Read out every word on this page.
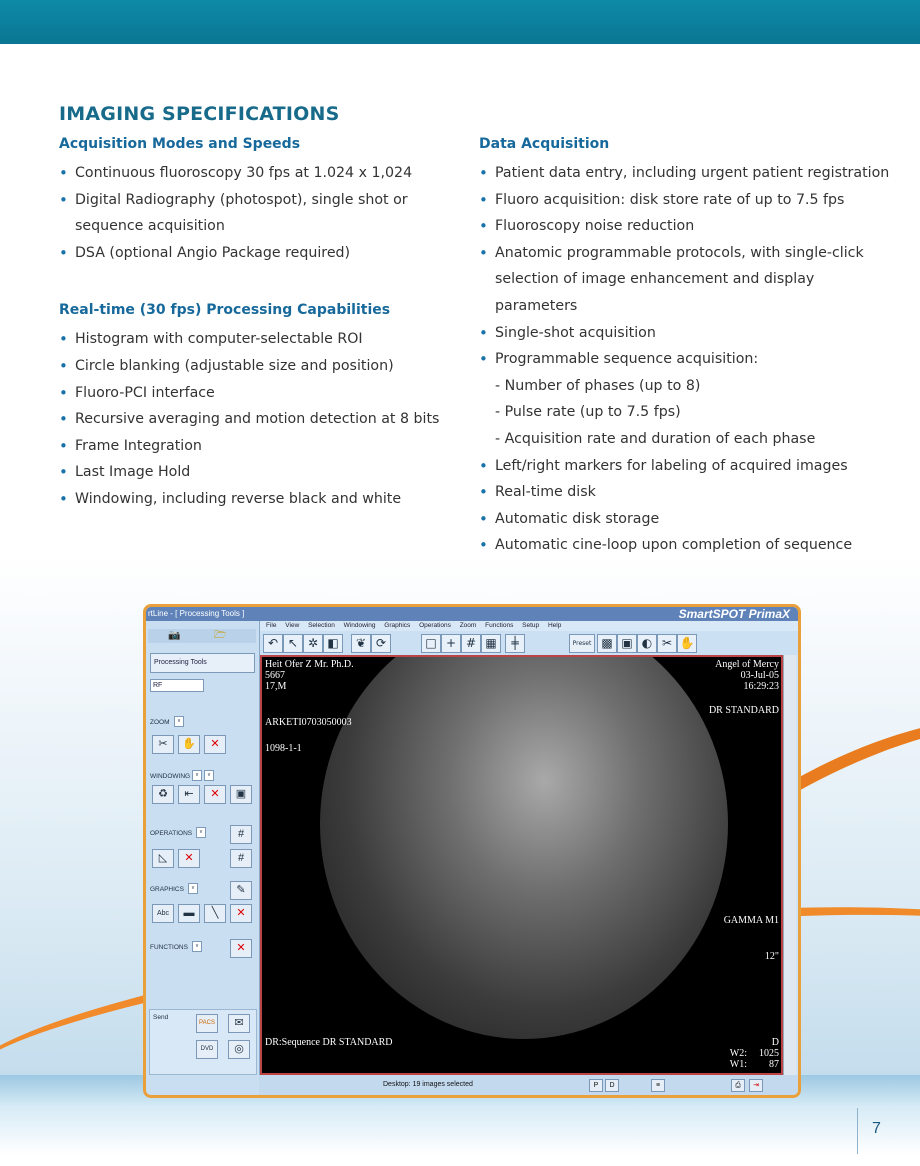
IMAGING SPECIFICATIONS

Acquisition Modes and Speeds

• Continuous fluoroscopy 30 fps at 1.024 x 1,024
• Digital Radiography (photospot), single shot or
sequence acquisition
• DSA (optional Angio Package required)

Real-time (30 fps) Processing Capabilities

• Histogram with computer-selectable ROI
• Circle blanking (adjustable size and position)
• Fluoro-PCI interface
• Recursive averaging and motion detection at 8 bits
• Frame Integration
• Last Image Hold
• Windowing, including reverse black and white

Data Acquisition

• Patient data entry, including urgent patient registration
• Fluoro acquisition: disk store rate of up to 7.5 fps
• Fluoroscopy noise reduction
• Anatomic programmable protocols, with single-click
selection of image enhancement and display
parameters
• Single-shot acquisition
• Programmable sequence acquisition:
- Number of phases (up to 8)
- Pulse rate (up to 7.5 fps)
- Acquisition rate and duration of each phase
• Left/right markers for labeling of acquired images
• Real-time disk
• Automatic disk storage
• Automatic cine-loop upon completion of sequence
rtLine - [ Processing Tools ]	SmartSPOT PrimaX
File View Selection Windowing Graphics Operations Zoom Functions Setup Help
↶ ↖ ✲ ◧	❦ ⟳	□ + # ▦	╪	Preset ▩ ▣ ◐ ✂ ✋
📷	🗁
Processing Tools
RF
ZOOM	v
✂	✋	✕
WINDOWING	v	v
♻	⇤	✕	▣
OPERATIONS	v	#
◺	✕	#
GRAPHICS	v	✎
Abc	▬	╲	✕
FUNCTIONS	v	✕
Send
PACS	✉
DVD	◎
Heit Ofer Z Mr. Ph.D.
5667
17,M
ARKETI0703050003
1098-1-1
Angel of Mercy
03-Jul-05
16:29:23
DR STANDARD
GAMMA M1
12"
DR:Sequence DR STANDARD	D
W2: 1025
W1: 87
Desktop: 19 images selected	P	D	≡	⎙	⇥
7
